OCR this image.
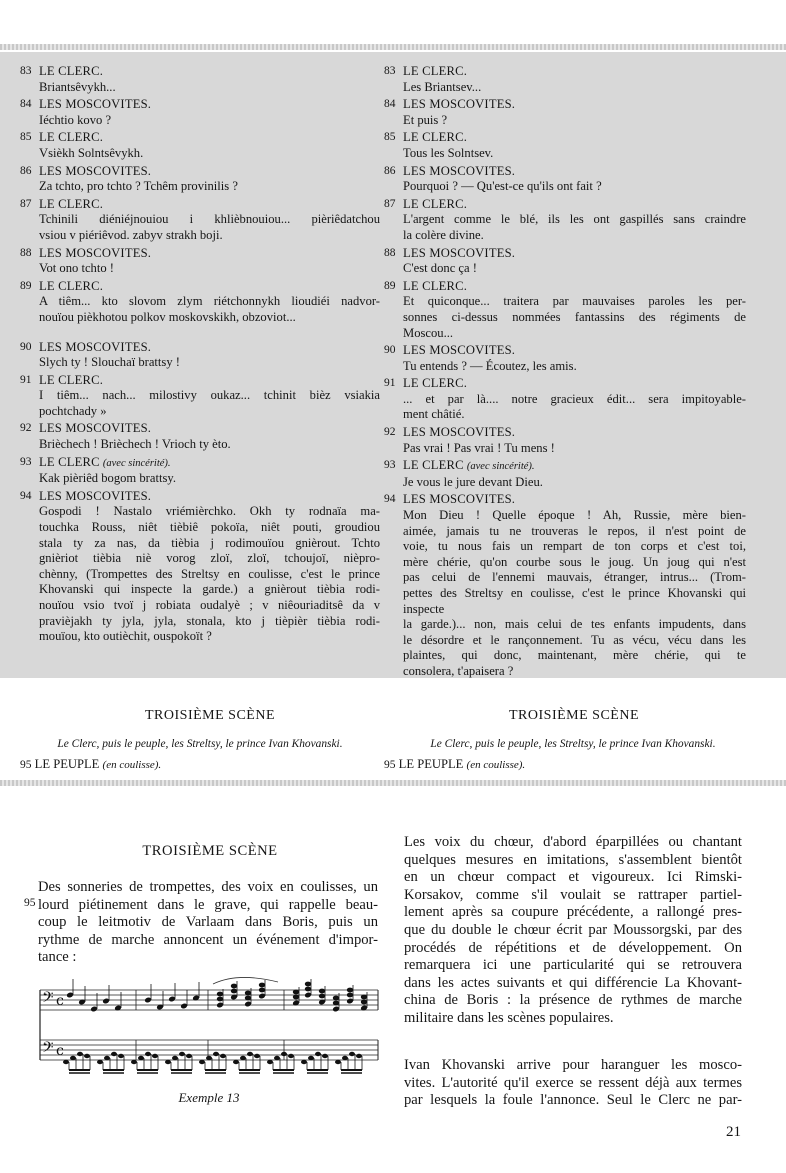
83 LE CLERC.
Briantsêvykh...
84 LES MOSCOVITES.
Iéchtio kovo ?
85 LE CLERC.
Vsièkh Solntsêvykh.
86 LES MOSCOVITES.
Za tchto, pro tchto ? Tchêm provinilis ?
87 LE CLERC.
Tchinili diéniéjnouiou i khlièbnouiou... pièriêdatchou
vsiou v piériêvod. zabyv strakh boji.
88 LES MOSCOVITES.
Vot ono tchto !
89 LE CLERC.
A tiêm... kto slovom zlym riétchonnykh lioudiéi nadvor-
nouïou pièkhotou polkov moskovskikh, obzoviot...
90 LES MOSCOVITES.
Slych ty ! Slouchaï brattsy !
91 LE CLERC.
I tiêm... nach... milostivy oukaz... tchinit bièz vsiakia
pochtchady »
92 LES MOSCOVITES.
Brièchech ! Brièchech ! Vrioch ty èto.
93 LE CLERC (avec sincérité).
Kak pièriêd bogom brattsy.
94 LES MOSCOVITES.
Gospodi ! Nastalo vriémièrchko. Okh ty rodnaïa ma-
touchka Rouss, niêt tièbiê pokoïa, niêt pouti, groudiou
stala ty za nas, da tièbia j rodimouïou gnièrout. Tchto
gnièriot tièbia niè vorog zloï, zloï, tchoujoï, nièpro-
chènny, (Trompettes des Streltsy en coulisse, c'est le prince
Khovanski qui inspecte la garde.) a gnièrout tièbia rodi-
nouïou vsio tvoï j robiata oudalyè ; v niêouriaditsê da v
pravièjakh ty jyla, jyla, stonala, kto j tièpièr tièbia rodi-
mouïou, kto outièchit, ouspokoït ?
83 LE CLERC.
Les Briantsev...
84 LES MOSCOVITES.
Et puis ?
85 LE CLERC.
Tous les Solntsev.
86 LES MOSCOVITES.
Pourquoi ? — Qu'est-ce qu'ils ont fait ?
87 LE CLERC.
L'argent comme le blé, ils les ont gaspillés sans craindre
la colère divine.
88 LES MOSCOVITES.
C'est donc ça !
89 LE CLERC.
Et quiconque... traitera par mauvaises paroles les per-
sonnes ci-dessus nommées fantassins des régiments de
Moscou...
90 LES MOSCOVITES.
Tu entends ? — Écoutez, les amis.
91 LE CLERC.
... et par là.... notre gracieux édit... sera impitoyable-
ment châtié.
92 LES MOSCOVITES.
Pas vrai ! Pas vrai ! Tu mens !
93 LE CLERC (avec sincérité).
Je vous le jure devant Dieu.
94 LES MOSCOVITES.
Mon Dieu ! Quelle époque ! Ah, Russie, mère bien-
aimée, jamais tu ne trouveras le repos, il n'est point de
voie, tu nous fais un rempart de ton corps et c'est toi,
mère chérie, qu'on courbe sous le joug. Un joug qui n'est
pas celui de l'ennemi mauvais, étranger, intrus... (Trom-
pettes des Streltsy en coulisse, c'est le prince Khovanski qui inspecte
la garde.)... non, mais celui de tes enfants impudents, dans
le désordre et le rançonnement. Tu as vécu, vécu dans les
plaintes, qui donc, maintenant, mère chérie, qui te
consolera, t'apaisera ?
TROISIÈME SCÈNE	TROISIÈME SCÈNE
Le Clerc, puis le peuple, les Streltsy, le prince Ivan Khovanski.	Le Clerc, puis le peuple, les Streltsy, le prince Ivan Khovanski.
95 LE PEUPLE (en coulisse).	95 LE PEUPLE (en coulisse).
TROISIÈME SCÈNE
95
Des sonneries de trompettes, des voix en coulisses, un
lourd piétinement dans le grave, qui rappelle beau-
coup le leitmotiv de Varlaam dans Boris, puis un
rythme de marche annoncent un événement d'impor-
tance :
𝄢 c
𝄢 c
Exemple 13
Les voix du chœur, d'abord éparpillées ou chantant
quelques mesures en imitations, s'assemblent bientôt
en un chœur compact et vigoureux. Ici Rimski-
Korsakov, comme s'il voulait se rattraper partiel-
lement après sa coupure précédente, a rallongé pres-
que du double le chœur écrit par Moussorgski, par des
procédés de répétitions et de développement. On
remarquera ici une particularité qui se retrouvera
dans les actes suivants et qui différencie La Khovant-
china de Boris : la présence de rythmes de marche
militaire dans les scènes populaires.
Ivan Khovanski arrive pour haranguer les mosco-
vites. L'autorité qu'il exerce se ressent déjà aux termes
par lesquels la foule l'annonce. Seul le Clerc ne par-
21
